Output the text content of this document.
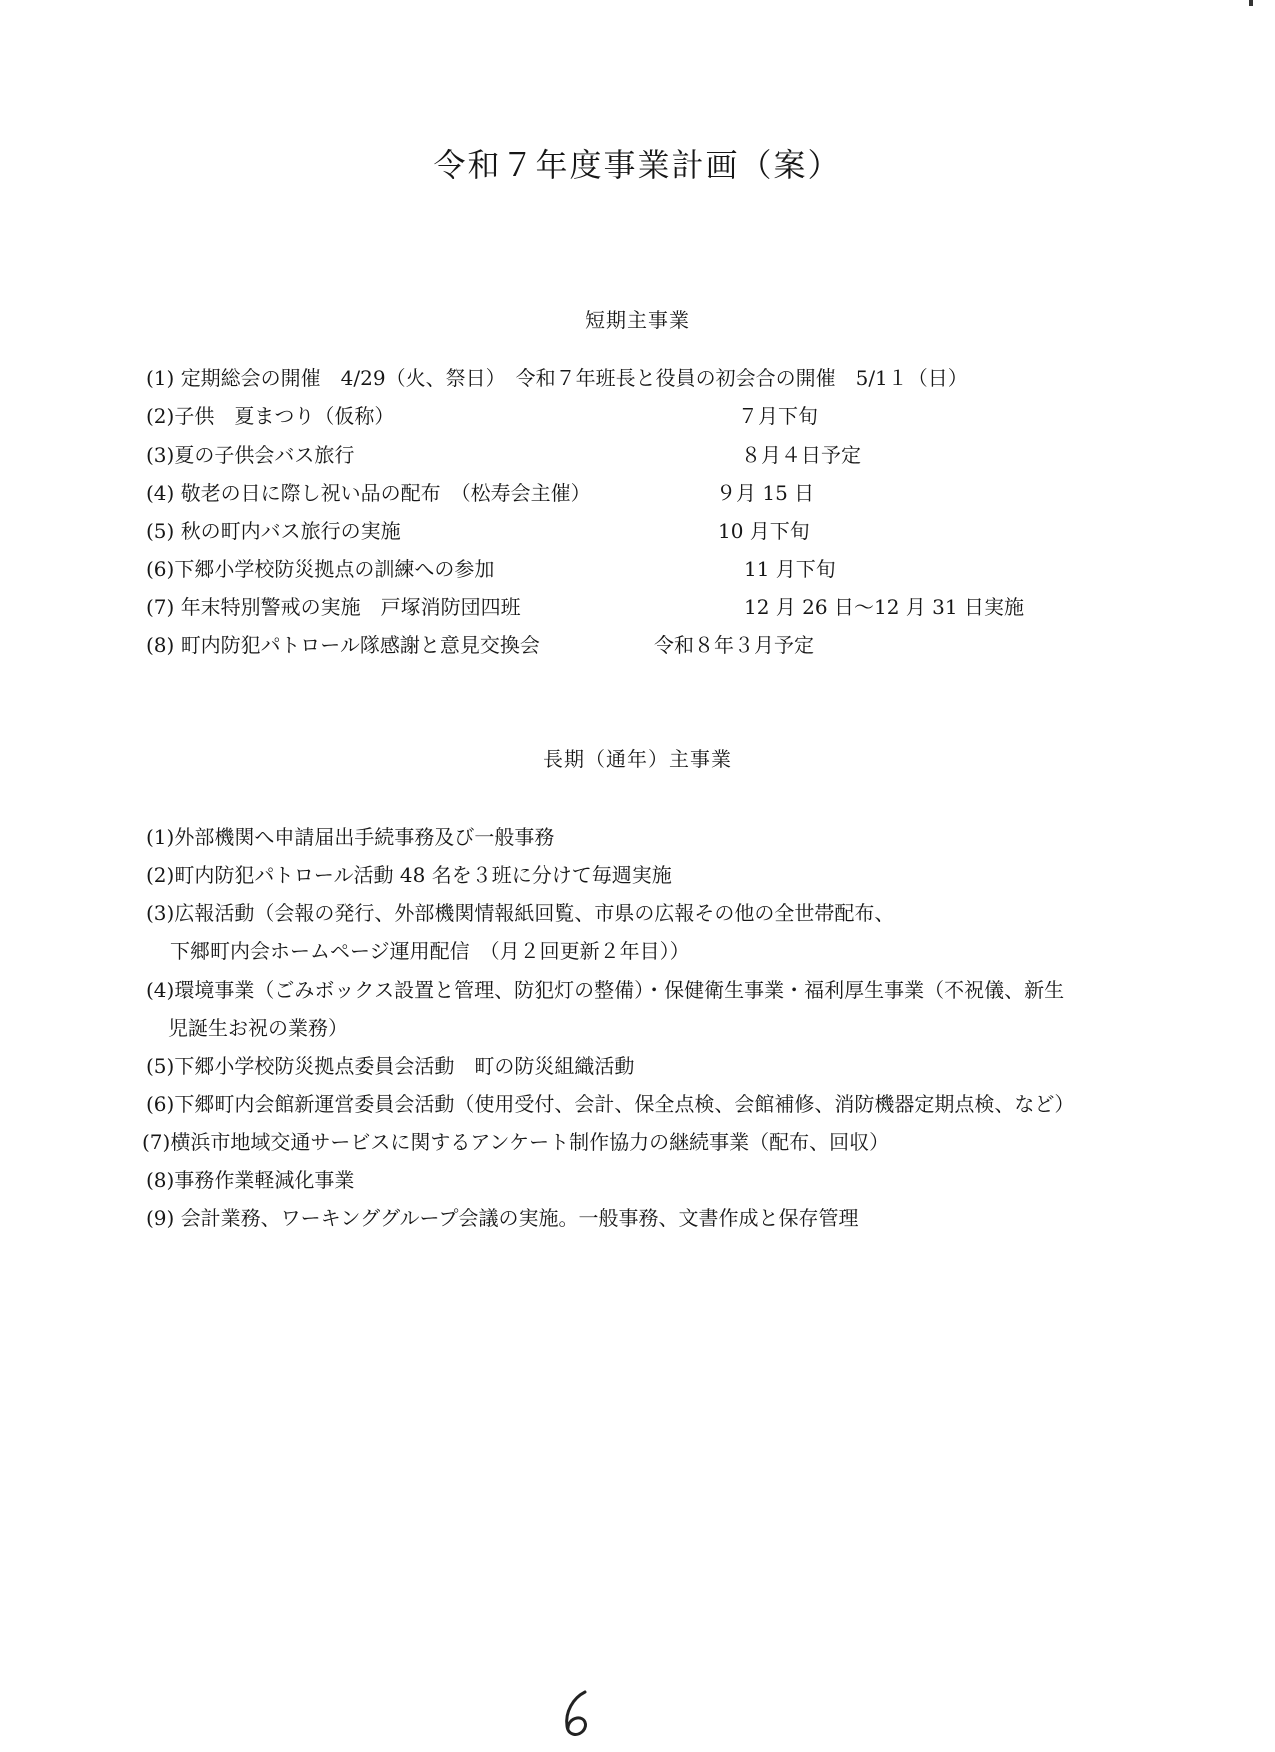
令和７年度事業計画（案）
短期主事業
(1) 定期総会の開催　4/29（火、祭日）　令和７年班長と役員の初会合の開催　5/1１（日）
(2)子供　夏まつり（仮称）	７月下旬
(3)夏の子供会バス旅行	８月４日予定
(4) 敬老の日に際し祝い品の配布　（松寿会主催）	９月 15 日
(5) 秋の町内バス旅行の実施	10 月下旬
(6)下郷小学校防災拠点の訓練への参加	11 月下旬
(7) 年末特別警戒の実施　戸塚消防団四班	12 月 26 日～12 月 31 日実施
(8) 町内防犯パトロール隊感謝と意見交換会	令和８年３月予定
長期（通年）主事業
(1)外部機関へ申請届出手続事務及び一般事務
(2)町内防犯パトロール活動 48 名を３班に分けて毎週実施
(3)広報活動（会報の発行、外部機関情報紙回覧、市県の広報その他の全世帯配布、
下郷町内会ホームページ運用配信　（月２回更新２年目））
(4)環境事業（ごみボックス設置と管理、防犯灯の整備）・保健衛生事業・福利厚生事業（不祝儀、新生
児誕生お祝の業務）
(5)下郷小学校防災拠点委員会活動　町の防災組織活動
(6)下郷町内会館新運営委員会活動（使用受付、会計、保全点検、会館補修、消防機器定期点検、など）
(7)横浜市地域交通サービスに関するアンケート制作協力の継続事業（配布、回収）
(8)事務作業軽減化事業
(9) 会計業務、ワーキンググループ会議の実施。一般事務、文書作成と保存管理
